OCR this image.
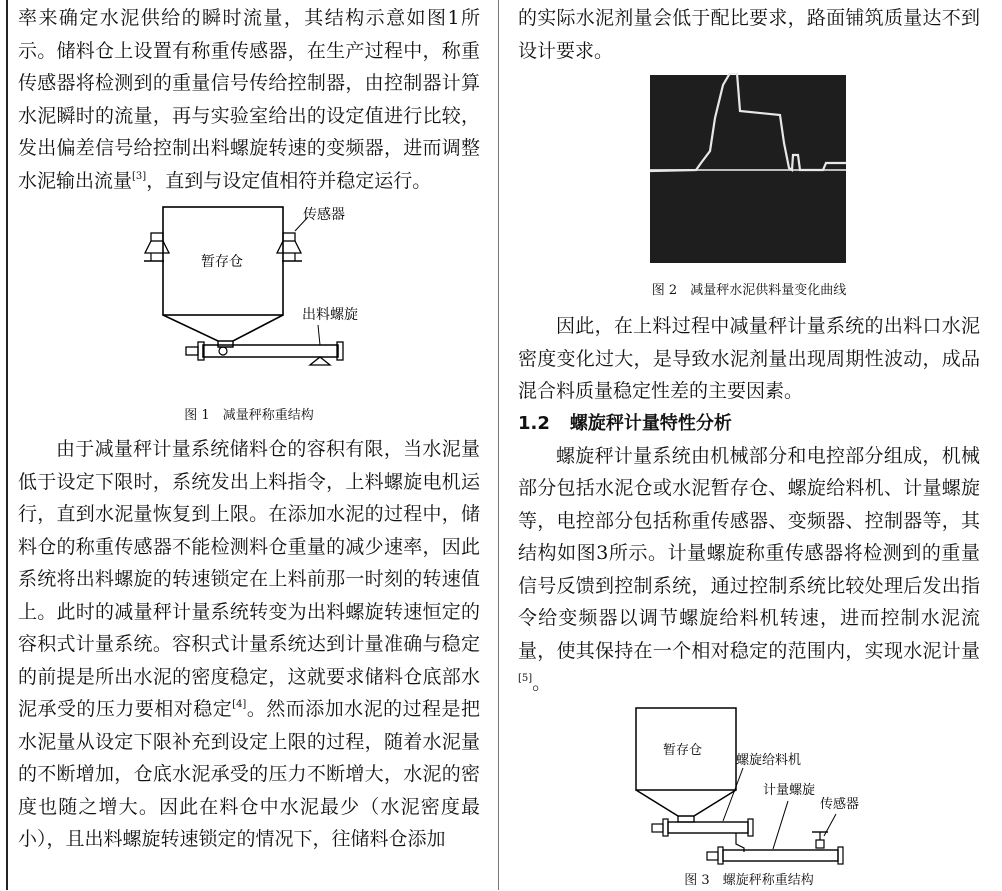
率来确定水泥供给的瞬时流量，其结构示意如图1所示。储料仓上设置有称重传感器，在生产过程中，称重传感器将检测到的重量信号传给控制器，由控制器计算水泥瞬时的流量，再与实验室给出的设定值进行比较，发出偏差信号给控制出料螺旋转速的变频器，进而调整水泥输出流量[3]，直到与设定值相符并稳定运行。

暂存仓
传感器
出料螺旋

图 1　减量秤称重结构

由于减量秤计量系统储料仓的容积有限，当水泥量低于设定下限时，系统发出上料指令，上料螺旋电机运行，直到水泥量恢复到上限。在添加水泥的过程中，储料仓的称重传感器不能检测料仓重量的减少速率，因此系统将出料螺旋的转速锁定在上料前那一时刻的转速值上。此时的减量秤计量系统转变为出料螺旋转速恒定的容积式计量系统。容积式计量系统达到计量准确与稳定的前提是所出水泥的密度稳定，这就要求储料仓底部水泥承受的压力要相对稳定[4]。然而添加水泥的过程是把水泥量从设定下限补充到设定上限的过程，随着水泥量的不断增加，仓底水泥承受的压力不断增大，水泥的密度也随之增大。因此在料仓中水泥最少（水泥密度最小），且出料螺旋转速锁定的情况下，往储料仓添加

的实际水泥剂量会低于配比要求，路面铺筑质量达不到设计要求。

图 2　减量秤水泥供料量变化曲线

因此，在上料过程中减量秤计量系统的出料口水泥密度变化过大，是导致水泥剂量出现周期性波动，成品混合料质量稳定性差的主要因素。

1.2 螺旋秤计量特性分析

螺旋秤计量系统由机械部分和电控部分组成，机械部分包括水泥仓或水泥暂存仓、螺旋给料机、计量螺旋等，电控部分包括称重传感器、变频器、控制器等，其结构如图3所示。计量螺旋称重传感器将检测到的重量信号反馈到控制系统，通过控制系统比较处理后发出指令给变频器以调节螺旋给料机转速，进而控制水泥流量，使其保持在一个相对稳定的范围内，实现水泥计量[5]。

暂存仓
螺旋给料机
计量螺旋
传感器

图 3　螺旋秤称重结构
